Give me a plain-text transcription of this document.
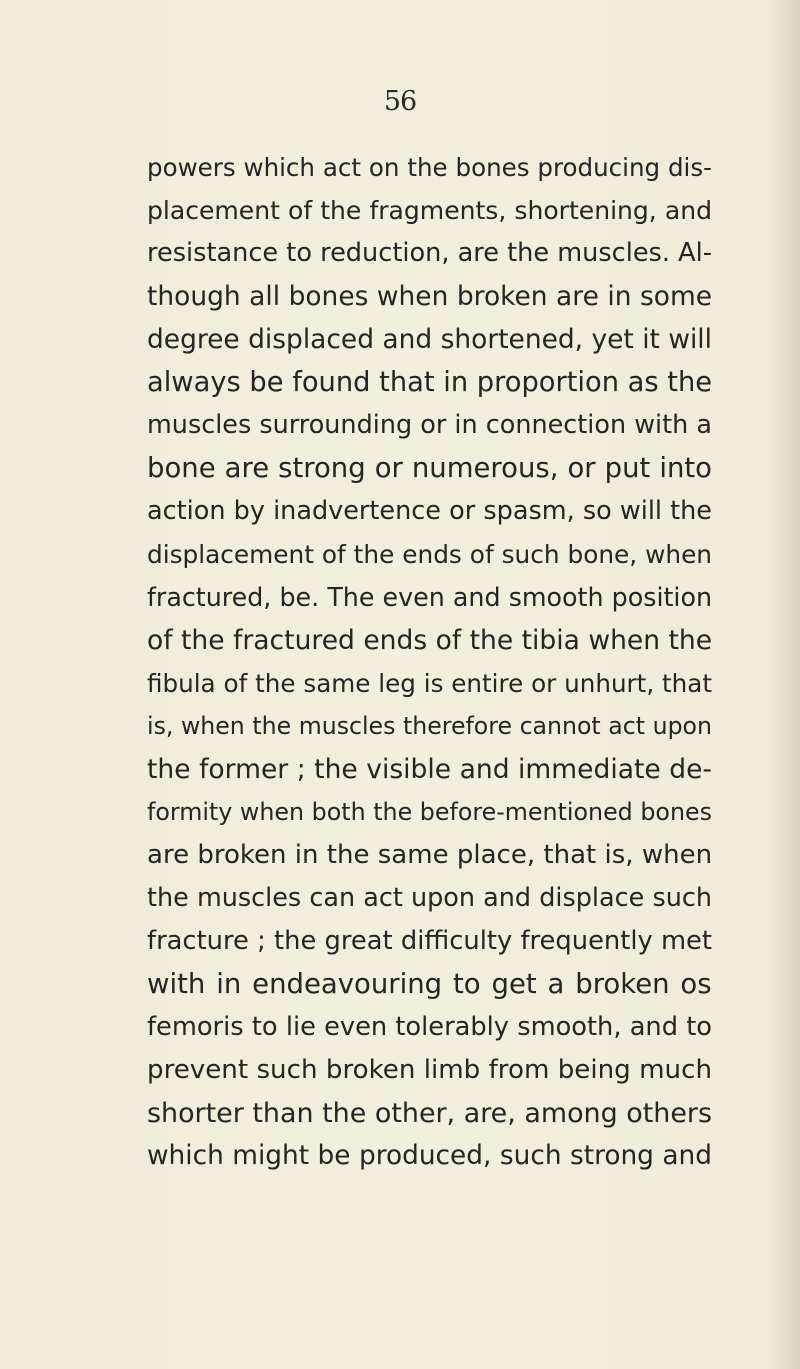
56
powers which act on the bones producing dis-
placement of the fragments, shortening, and
resistance to reduction, are the muscles. Al-
though all bones when broken are in some
degree displaced and shortened, yet it will
always be found that in proportion as the
muscles surrounding or in connection with a
bone are strong or numerous, or put into
action by inadvertence or spasm, so will the
displacement of the ends of such bone, when
fractured, be. The even and smooth position
of the fractured ends of the tibia when the
fibula of the same leg is entire or unhurt, that
is, when the muscles therefore cannot act upon
the former ; the visible and immediate de-
formity when both the before-mentioned bones
are broken in the same place, that is, when
the muscles can act upon and displace such
fracture ; the great difficulty frequently met
with in endeavouring to get a broken os
femoris to lie even tolerably smooth, and to
prevent such broken limb from being much
shorter than the other, are, among others
which might be produced, such strong and
